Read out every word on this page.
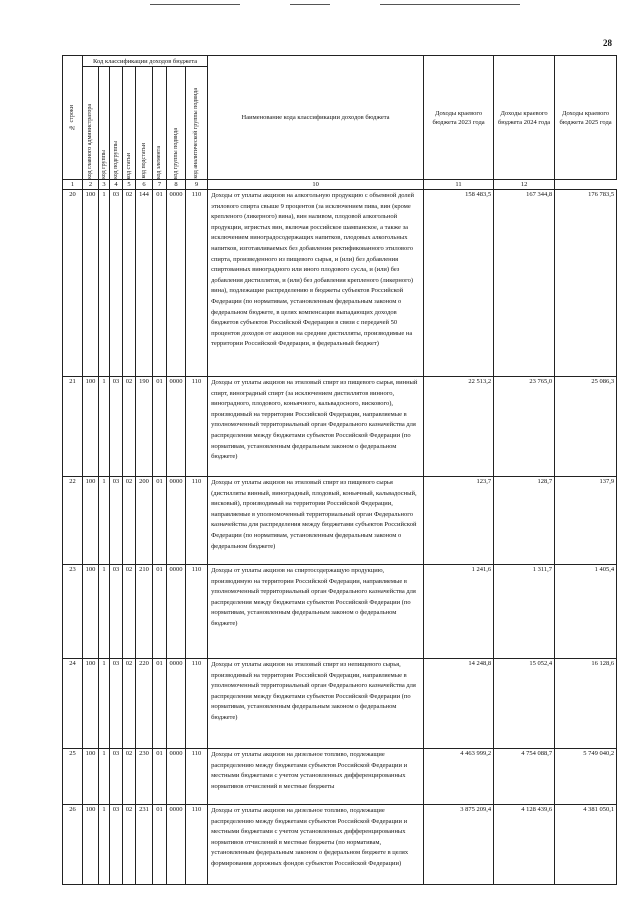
28
№ строки	Код классификации доходов бюджета								Наименование кода классификации доходов бюджета	Доходы краевого бюджета 2023 года	Доходы краевого бюджета 2024 года	Доходы краевого бюджета 2025 года

	код главного администратора	код группы	код подгруппы	код статьи	код подстатьи	код элемента	код группы подвида	код аналитической группы подвида				

1	2	3	4	5	6	7	8	9	10	11	12	
20	100	1	03	02	144	01	0000	110	Доходы от уплаты акцизов на алкогольную продукцию с объемной долей этилового спирта свыше 9 процентов (за исключением пива, вин (кроме крепленого (ликерного) вина), вин наливом, плодовой алкогольной продукции, игристых вин, включая российское шампанское, а также за исключением виноградосодержащих напитков, плодовых алкогольных напитков, изготавливаемых без добавления ректификованного этилового спирта, произведенного из пищевого сырья, и (или) без добавления спиртованных виноградного или иного плодового сусла, и (или) без добавления дистиллятов, и (или) без добавления крепленого (ликерного) вина), подлежащие распределению в бюджеты субъектов Российской Федерации (по нормативам, установленным федеральным законом о федеральном бюджете, в целях компенсации выпадающих доходов бюджетов субъектов Российской Федерации в связи с передачей 50 процентов доходов от акцизов на средние дистилляты, производимые на территории Российской Федерации, в федеральный бюджет)	158 483,5	167 344,8	176 783,5
21	100	1	03	02	190	01	0000	110	Доходы от уплаты акцизов на этиловый спирт из пищевого сырья, винный спирт, виноградный спирт (за исключением дистиллятов винного, виноградного, плодового, коньячного, кальвадосного, вискового), производимый на территории Российской Федерации, направляемые в уполномоченный территориальный орган Федерального казначейства для распределения между бюджетами субъектов Российской Федерации (по нормативам, установленным федеральным законом о федеральном бюджете)	22 513,2	23 765,0	25 086,3
22	100	1	03	02	200	01	0000	110	Доходы от уплаты акцизов на этиловый спирт из пищевого сырья (дистилляты винный, виноградный, плодовый, коньячный, кальвадосный, висковый), производимый на территории Российской Федерации, направляемые в уполномоченный территориальный орган Федерального казначейства для распределения между бюджетами субъектов Российской Федерации (по нормативам, установленным федеральным законом о федеральном бюджете)	123,7	128,7	137,9
23	100	1	03	02	210	01	0000	110	Доходы от уплаты акцизов на спиртосодержащую продукцию, производимую на территории Российской Федерации, направляемые в уполномоченный территориальный орган Федерального казначейства для распределения между бюджетами субъектов Российской Федерации (по нормативам, установленным федеральным законом о федеральном бюджете)	1 241,6	1 311,7	1 405,4
24	100	1	03	02	220	01	0000	110	Доходы от уплаты акцизов на этиловый спирт из непищевого сырья, производимый на территории Российской Федерации, направляемые в уполномоченный территориальный орган Федерального казначейства для распределения между бюджетами субъектов Российской Федерации (по нормативам, установленным федеральным законом о федеральном бюджете)	14 248,8	15 052,4	16 128,6
25	100	1	03	02	230	01	0000	110	Доходы от уплаты акцизов на дизельное топливо, подлежащие распределению между бюджетами субъектов Российской Федерации и местными бюджетами с учетом установленных дифференцированных нормативов отчислений в местные бюджеты	4 463 999,2	4 754 088,7	5 749 040,2
26	100	1	03	02	231	01	0000	110	Доходы от уплаты акцизов на дизельное топливо, подлежащие распределению между бюджетами субъектов Российской Федерации и местными бюджетами с учетом установленных дифференцированных нормативов отчислений в местные бюджеты (по нормативам, установленным федеральным законом о федеральном бюджете в целях формирования дорожных фондов субъектов Российской Федерации)	3 875 209,4	4 128 439,6	4 381 050,1
